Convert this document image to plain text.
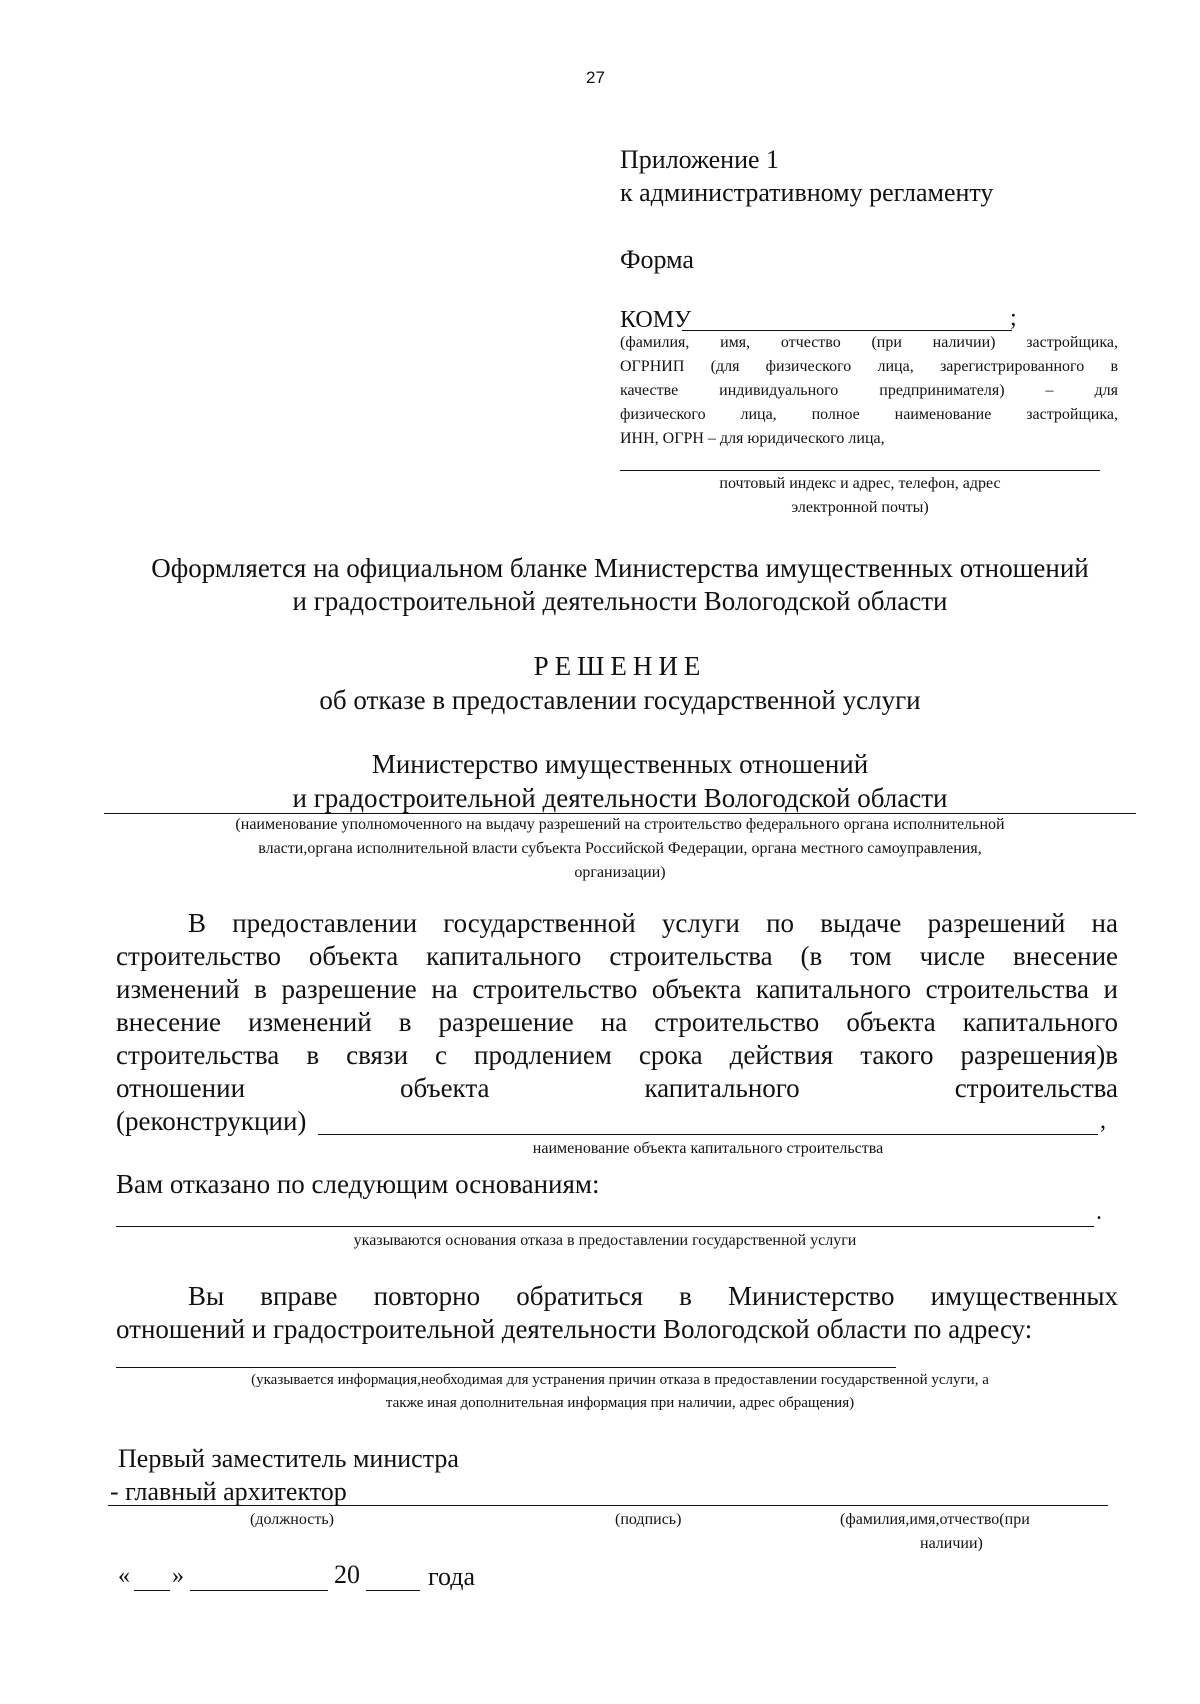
27
Приложение 1
к административному регламенту
Форма
КОМУ	;
(фамилия, имя, отчество (при наличии) застройщика,
ОГРНИП (для физического лица, зарегистрированного в
качестве индивидуального предпринимателя) – для
физического лица, полное наименование застройщика,
ИНН, ОГРН – для юридического лица,
почтовый индекс и адрес, телефон, адрес
электронной почты)
Оформляется на официальном бланке Министерства имущественных отношений
и градостроительной деятельности Вологодской области
РЕШЕНИЕ
об отказе в предоставлении государственной услуги
Министерство имущественных отношений
и градостроительной деятельности Вологодской области
(наименование уполномоченного на выдачу разрешений на строительство федерального органа исполнительной
власти,органа исполнительной власти субъекта Российской Федерации, органа местного самоуправления,
организации)
В предоставлении государственной услуги по выдаче разрешений на
строительство объекта капитального строительства (в том числе внесение
изменений в разрешение на строительство объекта капитального строительства и
внесение изменений в разрешение на строительство объекта капитального
строительства в связи с продлением срока действия такого разрешения)в
отношении объекта капитального строительства
(реконструкции)	,
наименование объекта капитального строительства
Вам отказано по следующим основаниям:
.
указываются основания отказа в предоставлении государственной услуги
Вы вправе повторно обратиться в Министерство имущественных
отношений и градостроительной деятельности Вологодской области по адресу:
(указывается информация,необходимая для устранения причин отказа в предоставлении государственной услуги, а
также иная дополнительная информация при наличии, адрес обращения)
Первый заместитель министра
- главный архитектор
(должность)	(подпись)	(фамилия,имя,отчество(при
наличии)
« »	20	года
